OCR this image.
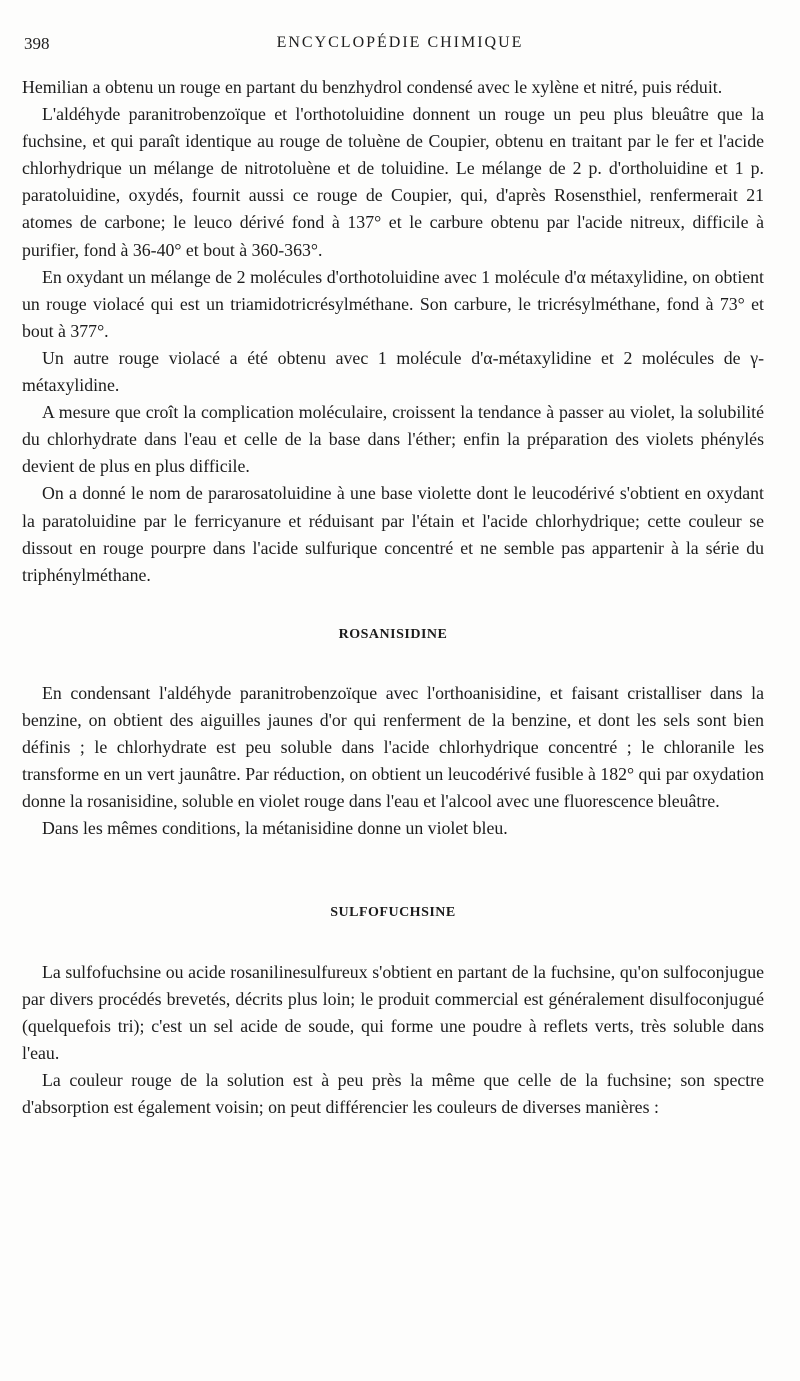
398	ENCYCLOPÉDIE CHIMIQUE

Hemilian a obtenu un rouge en partant du benzhydrol condensé avec le xylène et nitré, puis réduit.

L'aldéhyde paranitrobenzoïque et l'orthotoluidine donnent un rouge un peu plus bleuâtre que la fuchsine, et qui paraît identique au rouge de toluène de Coupier, obtenu en traitant par le fer et l'acide chlorhydrique un mélange de nitrotoluène et de toluidine. Le mélange de 2 p. d'ortholuidine et 1 p. paratoluidine, oxydés, fournit aussi ce rouge de Coupier, qui, d'après Rosensthiel, renfermerait 21 atomes de carbone; le leuco dérivé fond à 137° et le carbure obtenu par l'acide nitreux, difficile à purifier, fond à 36-40° et bout à 360-363°.

En oxydant un mélange de 2 molécules d'orthotoluidine avec 1 molécule d'α métaxylidine, on obtient un rouge violacé qui est un triamidotricrésylméthane. Son carbure, le tricrésylméthane, fond à 73° et bout à 377°.

Un autre rouge violacé a été obtenu avec 1 molécule d'α-métaxylidine et 2 molécules de γ-métaxylidine.

A mesure que croît la complication moléculaire, croissent la tendance à passer au violet, la solubilité du chlorhydrate dans l'eau et celle de la base dans l'éther; enfin la préparation des violets phénylés devient de plus en plus difficile.

On a donné le nom de pararosatoluidine à une base violette dont le leucodérivé s'obtient en oxydant la paratoluidine par le ferricyanure et réduisant par l'étain et l'acide chlorhydrique; cette couleur se dissout en rouge pourpre dans l'acide sulfurique concentré et ne semble pas appartenir à la série du triphénylméthane.

ROSANISIDINE

En condensant l'aldéhyde paranitrobenzoïque avec l'orthoanisidine, et faisant cristalliser dans la benzine, on obtient des aiguilles jaunes d'or qui renferment de la benzine, et dont les sels sont bien définis ; le chlorhydrate est peu soluble dans l'acide chlorhydrique concentré ; le chloranile les transforme en un vert jaunâtre. Par réduction, on obtient un leucodérivé fusible à 182° qui par oxydation donne la rosanisidine, soluble en violet rouge dans l'eau et l'alcool avec une fluorescence bleuâtre.

Dans les mêmes conditions, la métanisidine donne un violet bleu.

SULFOFUCHSINE

La sulfofuchsine ou acide rosanilinesulfureux s'obtient en partant de la fuchsine, qu'on sulfoconjugue par divers procédés brevetés, décrits plus loin; le produit commercial est généralement disulfoconjugué (quelquefois tri); c'est un sel acide de soude, qui forme une poudre à reflets verts, très soluble dans l'eau.

La couleur rouge de la solution est à peu près la même que celle de la fuchsine; son spectre d'absorption est également voisin; on peut différencier les couleurs de diverses manières :
